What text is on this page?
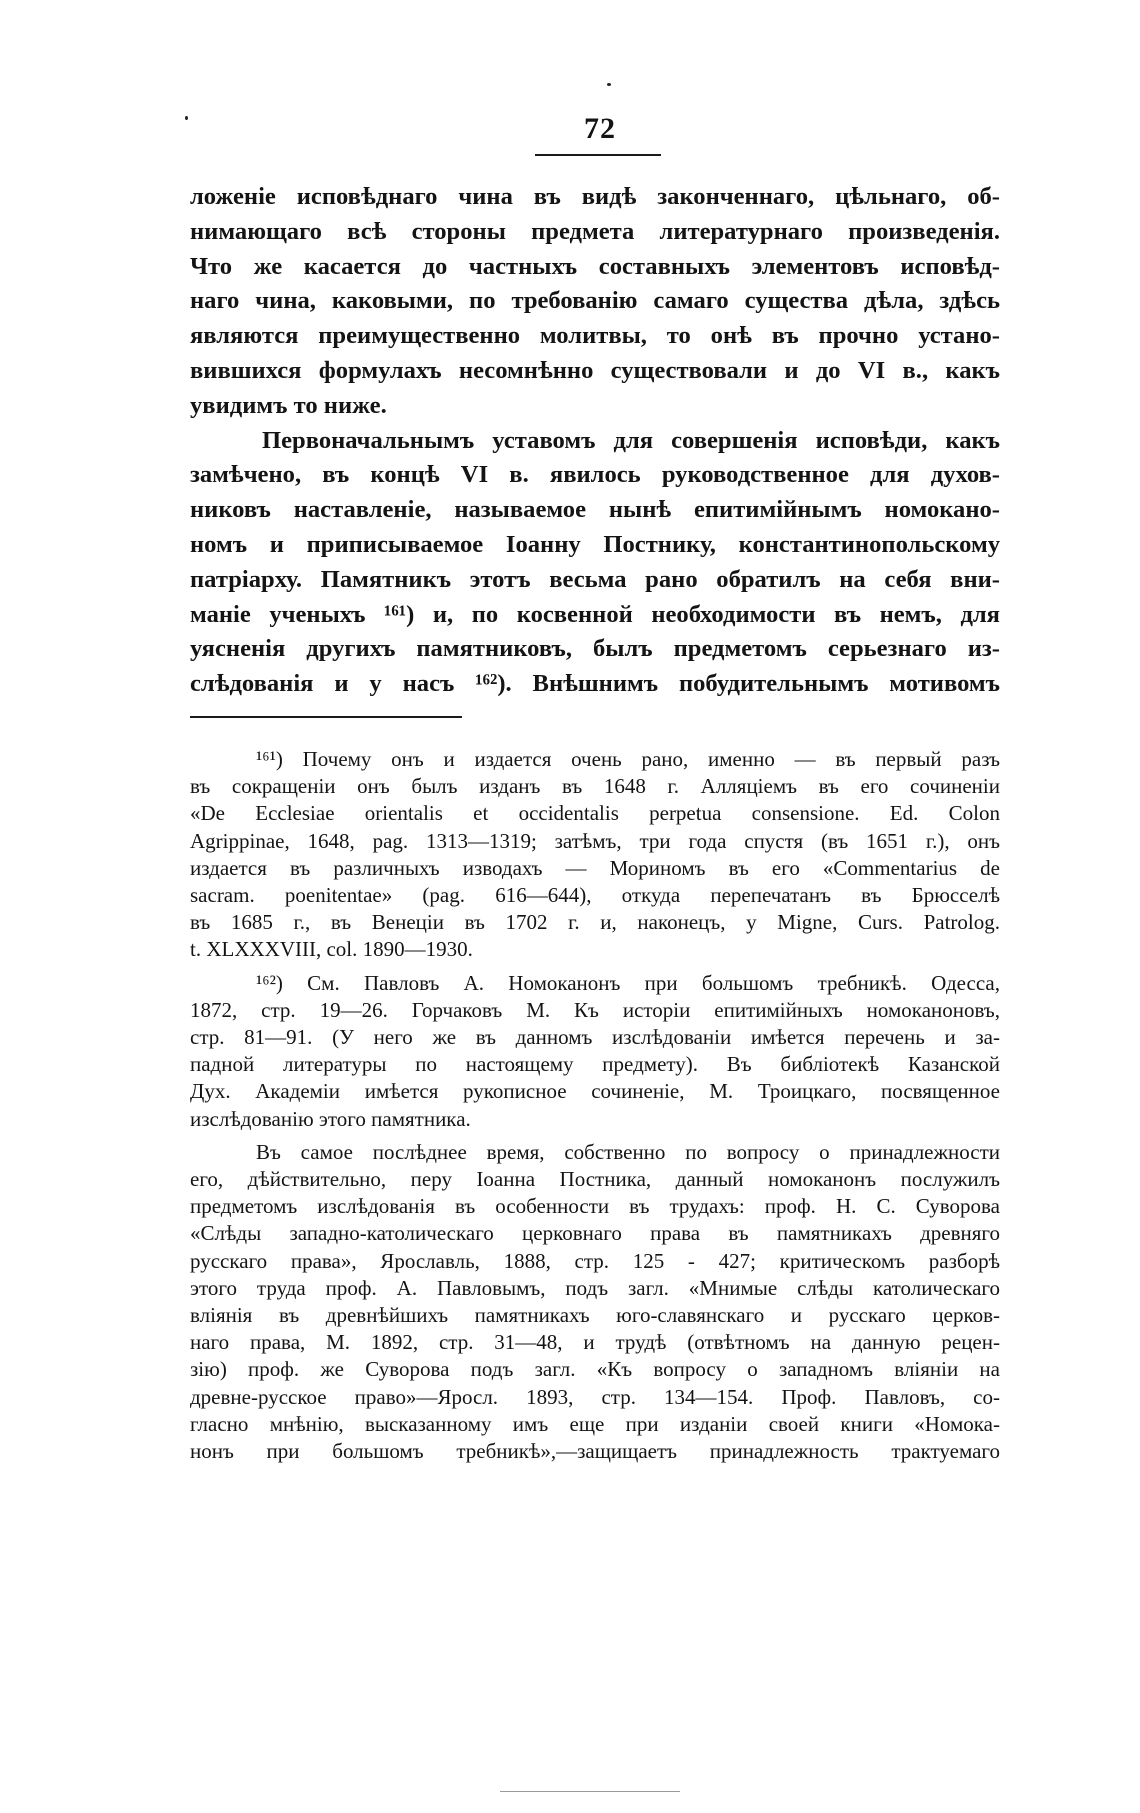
72
ложеніе исповѣднаго чина въ видѣ законченнаго, цѣльнаго, об-
нимающаго всѣ стороны предмета литературнаго произведенія.
Что же касается до частныхъ составныхъ элементовъ исповѣд-
наго чина, каковыми, по требованію самаго существа дѣла, здѣсь
являются преимущественно молитвы, то онѣ въ прочно устано-
вившихся формулахъ несомнѣнно существовали и до VI в., какъ
увидимъ то ниже.
Первоначальнымъ уставомъ для совершенія исповѣди, какъ
замѣчено, въ концѣ VI в. явилось руководственное для духов-
никовъ наставленіе, называемое нынѣ епитимійнымъ номокано-
номъ и приписываемое Іоанну Постнику, константинопольскому
патріарху. Памятникъ этотъ весьма рано обратилъ на себя вни-
маніе ученыхъ ¹⁶¹) и, по косвенной необходимости въ немъ, для
уясненія другихъ памятниковъ, былъ предметомъ серьезнаго из-
слѣдованія и у насъ ¹⁶²). Внѣшнимъ побудительнымъ мотивомъ
¹⁶¹) Почему онъ и издается очень рано, именно — въ первый разъ
въ сокращеніи онъ былъ изданъ въ 1648 г. Алляціемъ въ его сочиненіи
«De Ecclesiae orientalis et occidentalis perpetua consensione. Ed. Colon
Agrippinae, 1648, pag. 1313—1319; затѣмъ, три года спустя (въ 1651 г.), онъ
издается въ различныхъ изводахъ — Мориномъ въ его «Commentarius de
sacram. poenitentae» (pag. 616—644), откуда перепечатанъ въ Брюсселѣ
въ 1685 г., въ Венеціи въ 1702 г. и, наконецъ, у Migne, Curs. Patrolog.
t. XLXXXVIII, col. 1890—1930.
¹⁶²) См. Павловъ А. Номоканонъ при большомъ требникѣ. Одесса,
1872, стр. 19—26. Горчаковъ М. Къ исторіи епитимійныхъ номоканоновъ,
стр. 81—91. (У него же въ данномъ изслѣдованіи имѣется перечень и за-
падной литературы по настоящему предмету). Въ библіотекѣ Казанской
Дух. Академіи имѣется рукописное сочиненіе, М. Троицкаго, посвященное
изслѣдованію этого памятника.
Въ самое послѣднее время, собственно по вопросу о принадлежности
его, дѣйствительно, перу Іоанна Постника, данный номоканонъ послужилъ
предметомъ изслѣдованія въ особенности въ трудахъ: проф. Н. С. Суворова
«Слѣды западно-католическаго церковнаго права въ памятникахъ древняго
русскаго права», Ярославль, 1888, стр. 125 - 427; критическомъ разборѣ
этого труда проф. А. Павловымъ, подъ загл. «Мнимые слѣды католическаго
вліянія въ древнѣйшихъ памятникахъ юго-славянскаго и русскаго церков-
наго права, М. 1892, стр. 31—48, и трудѣ (отвѣтномъ на данную рецен-
зію) проф. же Суворова подъ загл. «Къ вопросу о западномъ вліяніи на
древне-русское право»—Яросл. 1893, стр. 134—154. Проф. Павловъ, со-
гласно мнѣнію, высказанному имъ еще при изданіи своей книги «Номока-
нонъ при большомъ требникѣ»,—защищаетъ принадлежность трактуемаго
